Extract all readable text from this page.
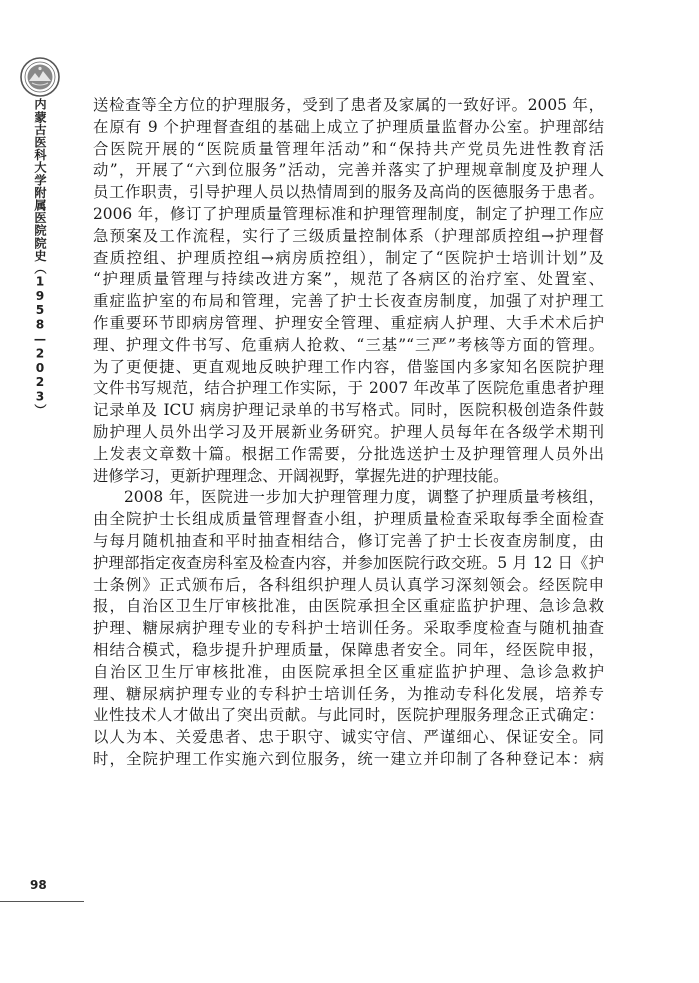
内蒙古医科大学附属医院院史（1958—2023）
98
送检查等全方位的护理服务，受到了患者及家属的一致好评。2005 年，
在原有 9 个护理督查组的基础上成立了护理质量监督办公室。护理部结
合医院开展的“医院质量管理年活动”和“保持共产党员先进性教育活
动”，开展了“六到位服务”活动，完善并落实了护理规章制度及护理人
员工作职责，引导护理人员以热情周到的服务及高尚的医德服务于患者。
2006 年，修订了护理质量管理标准和护理管理制度，制定了护理工作应
急预案及工作流程，实行了三级质量控制体系（护理部质控组→护理督
查质控组、护理质控组→病房质控组），制定了“医院护士培训计划”及
“护理质量管理与持续改进方案”，规范了各病区的治疗室、处置室、
重症监护室的布局和管理，完善了护士长夜查房制度，加强了对护理工
作重要环节即病房管理、护理安全管理、重症病人护理、大手术术后护
理、护理文件书写、危重病人抢救、“三基”“三严”考核等方面的管理。
为了更便捷、更直观地反映护理工作内容，借鉴国内多家知名医院护理
文件书写规范，结合护理工作实际，于 2007 年改革了医院危重患者护理
记录单及 ICU 病房护理记录单的书写格式。同时，医院积极创造条件鼓
励护理人员外出学习及开展新业务研究。护理人员每年在各级学术期刊
上发表文章数十篇。根据工作需要，分批选送护士及护理管理人员外出
进修学习，更新护理理念、开阔视野，掌握先进的护理技能。
2008 年，医院进一步加大护理管理力度，调整了护理质量考核组，
由全院护士长组成质量管理督查小组，护理质量检查采取每季全面检查
与每月随机抽查和平时抽查相结合，修订完善了护士长夜查房制度，由
护理部指定夜查房科室及检查内容，并参加医院行政交班。5 月 12 日《护
士条例》正式颁布后，各科组织护理人员认真学习深刻领会。经医院申
报，自治区卫生厅审核批准，由医院承担全区重症监护护理、急诊急救
护理、糖尿病护理专业的专科护士培训任务。采取季度检查与随机抽查
相结合模式，稳步提升护理质量，保障患者安全。同年，经医院申报，
自治区卫生厅审核批准，由医院承担全区重症监护护理、急诊急救护
理、糖尿病护理专业的专科护士培训任务，为推动专科化发展，培养专
业性技术人才做出了突出贡献。与此同时，医院护理服务理念正式确定：
以人为本、关爱患者、忠于职守、诚实守信、严谨细心、保证安全。同
时，全院护理工作实施六到位服务，统一建立并印制了各种登记本：病
